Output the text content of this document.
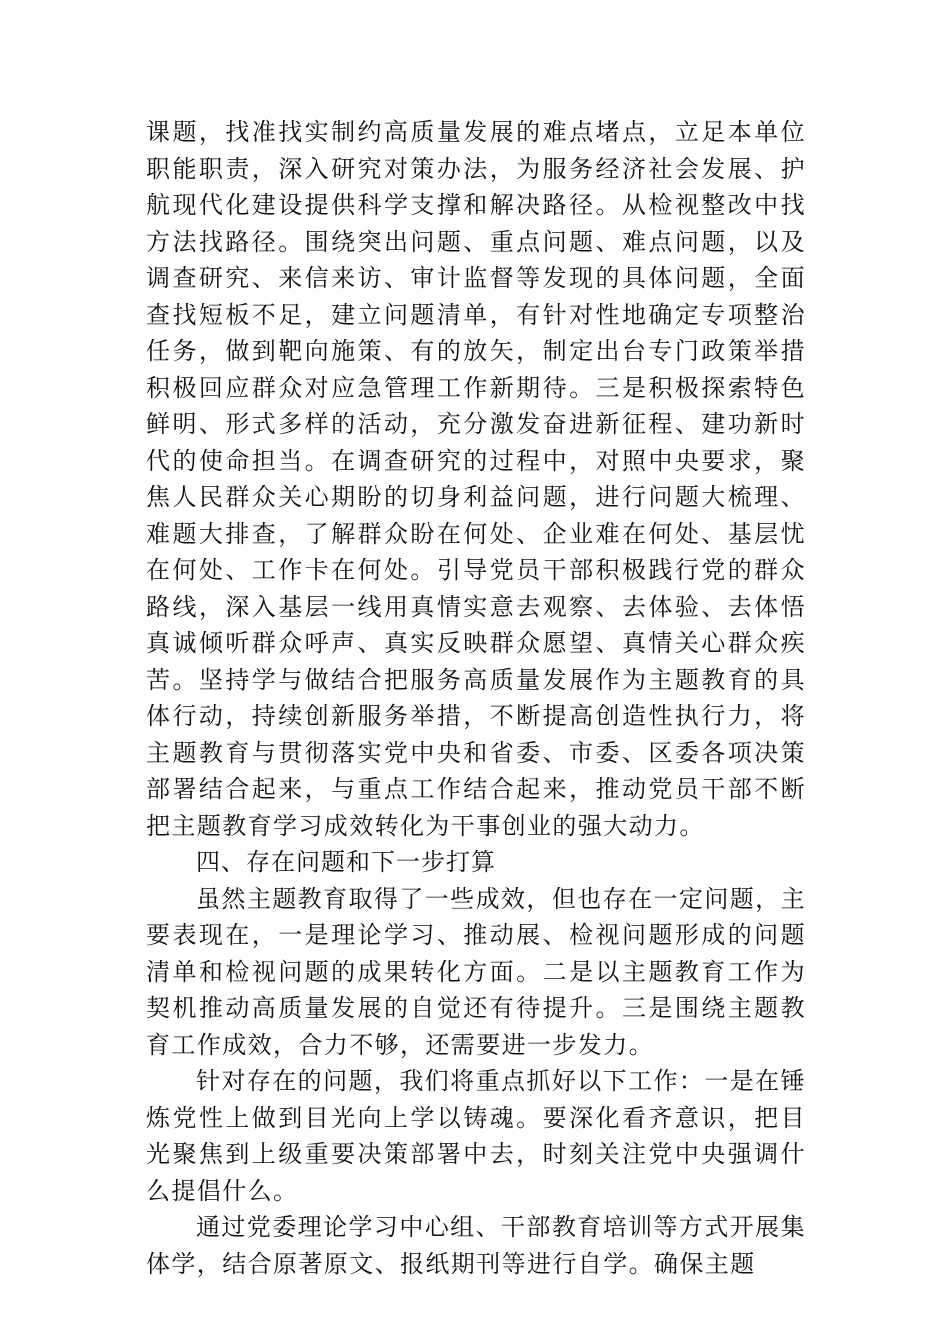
课题，找准找实制约高质量发展的难点堵点，立足本单位职能职责，深入研究对策办法，为服务经济社会发展、护航现代化建设提供科学支撑和解决路径。从检视整改中找方法找路径。围绕突出问题、重点问题、难点问题，以及调查研究、来信来访、审计监督等发现的具体问题，全面查找短板不足，建立问题清单，有针对性地确定专项整治任务，做到靶向施策、有的放矢，制定出台专门政策举措积极回应群众对应急管理工作新期待。三是积极探索特色鲜明、形式多样的活动，充分激发奋进新征程、建功新时代的使命担当。在调查研究的过程中，对照中央要求，聚焦人民群众关心期盼的切身利益问题，进行问题大梳理、难题大排查，了解群众盼在何处、企业难在何处、基层忧在何处、工作卡在何处。引导党员干部积极践行党的群众路线，深入基层一线用真情实意去观察、去体验、去体悟真诚倾听群众呼声、真实反映群众愿望、真情关心群众疾苦。坚持学与做结合把服务高质量发展作为主题教育的具体行动，持续创新服务举措，不断提高创造性执行力，将主题教育与贯彻落实党中央和省委、市委、区委各项决策部署结合起来，与重点工作结合起来，推动党员干部不断把主题教育学习成效转化为干事创业的强大动力。

四、存在问题和下一步打算

虽然主题教育取得了一些成效，但也存在一定问题，主要表现在，一是理论学习、推动展、检视问题形成的问题清单和检视问题的成果转化方面。二是以主题教育工作为契机推动高质量发展的自觉还有待提升。三是围绕主题教育工作成效，合力不够，还需要进一步发力。

针对存在的问题，我们将重点抓好以下工作：一是在锤炼党性上做到目光向上学以铸魂。要深化看齐意识，把目光聚焦到上级重要决策部署中去，时刻关注党中央强调什么提倡什么。

通过党委理论学习中心组、干部教育培训等方式开展集体学，结合原著原文、报纸期刊等进行自学。确保主题
